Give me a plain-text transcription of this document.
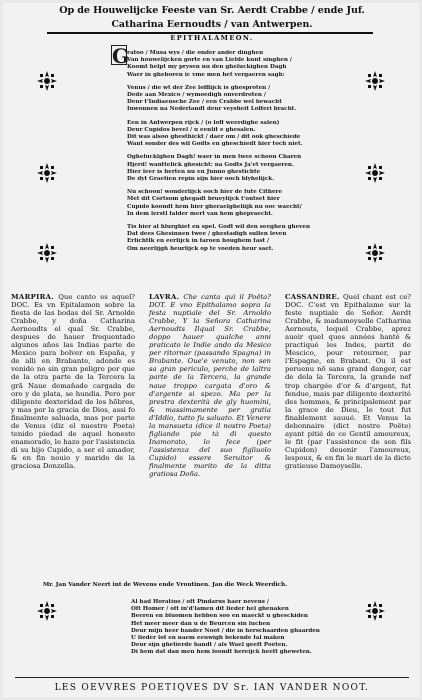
Op de Houwelijcke Feeste van Sr. Aerdt Crabbe / ende Juf.
Catharina Eernoudts / van Antwerpen.
EPITHALAMEON.
G
ratoo / Musa wys / die onder ander dinghen
Van houwelijcken gorte en van Liefde kunt singhen /
Koomt helpt my prysen nu den gheluckighen Dagh
Waer in gheboren ic vme men het vergaeren sagh:
Venus / die wt der Zee lofflijck is ghesproten /
Dede aan Mexico / wymoedigh onverdroten /
Deur t'Indiaensche Zee / een Crabbe wel bewacht
Inwonnen na Nederlandt deur veysheit Lofferi bracht.
Een in Antwerpen rijck / (o loff weerdighe salen)
Deur Cupidos bevel / u eenlit e ghesalen.
Dit was alsoo ghesthickt / daer om / dit ook gheschiede
Want sonder des wil Godts en gheschiedt hier toch niet.
Oghelucklghen Dagh! waer in men twee schoon Charen
Hjerd! wanttelick ghesicht: na Godts Ja'et vergaeren.
Hier leer is herten nu en Junno ghestichte
De dyt Graetien repin sijn hier ooch blyhelijck.
Nu schoon! wonderlijck ooch hier de fute Cithere
Met dit Cortsom ghegadt brueylijck t'ontset hier
Cupido koondt hem hier gheraelgheliijk nu ooc waecht/
In dem lerstl falder mert van hem ghepraecht.
Tis hier al hlurghiet en spel. Godt wil den seeghen gheven
Dat dees Ghesinnen twee / ghestadigh sullen leven
Erlichtlk en eerlijck in faroen houghem fast /
Om neerlijgh heurlijck op te voeden heur saet.
MARPIRA. Que canto es aquel? DOC. Es vn Epitalamon sobre la fiesta de las bodas del Sr. Arnolde Crabbe, y doña Catharina Aernoudts el qual Sr. Crabbe, despues de hauer frequentado algunos años las Indias parte de Mexico para bolver en Espaňa, y de alli en Brabante, adonde es venido no sin gran peligro por que de la otra parte de la Tercera la grã Naue demaňade cargada de oro y de plata, se hundia. Pero por diligente dexteridad de los hõbres, y mas por la gracia de Dios, assi fo finalmente saluada, mas por parte de Venus (diz el nuestro Poeta) tenido piedad de aquel honesto enamorado, le hazo por l'asistencia di su hijo Cupido, a ser el amador, & en fin nouio y marido de la graciosa Donzella.
LAVRA. Che canta qui il Poëta? DOT. E vno Epithalamo sopra la festa nuptiale del Sr. Arnoldo Crabbe, Y la Señora Catharina Aernoudts Ilqual Sr. Crabbe, doppo hauer qualche anni praticato le Indie ando da Mesico per ritornar (passando Spagna) in Brabante. Oue'e venuto, non sen sa gran periculo, perche de laltra parte de la Tercera, la grande naue troppo cargata d'oro & d'argente si spezo. Ma per la prestra dexterità de gly huomini, & massimamente per gratia d'Iddio, tutto fu saluato. Et Venere la mansueta (dice il nostro Poeta) figliando pie tà di questo Inamorato, lo fece (per l'assistenza del suo figliuolo Cupido) essere Seruitor & finalmente marito de la ditta gratiosa Doña.
CASSANDRE. Quel chant est ce? DOC. C'est vn Epithalame sur la feste nuptiale de Seňor. Aerdt Crabbe, & madamoyselle Catharina Aernouts, lequel Crabbe, aprez auoir quel ques années hanté & practiqué les Indes, partit de Mescico, pour retourner, par l'Espagne, en Brabant. Ou il est peruenu nõ sans grand danger, car de dela la Tercera, la grande nef trop chargée d'or & d'argent, fut fendue, mais par diligente dexterité des hommes, & principalement par la grace de Dieu, le tout fut finablement sauué. Et Venus la debonnaire (dict nostre Poëte) ayant pitié de ce Gentil amoureux, le fit (par l'assistence de son fils Cupidon) deuenir l'amoureux, lespoux, & en fin le mari de la dicte gratieuse Damoyselle.
Mr. Jan Vander Neert int de Wevens ende Vroutinen. Jan die Weck Weerdich.
Al had Horatius / oft Pindarus haer nevens /
Oft Homer / oft in'd'lamen dit lieder hel ghenaken
Beeren en bluomen hebben soo en maeckt u ghesckiden
Het meer meer dan u de Beurcen sin luchen
Deur mijn heer bander Noot / die in herschaarden ghaarden
U lieder lof en naem eeuwigh bekende fal maken
Deur sijn ghetierde handt / als Wael geeft Poëten.
Di hem dat dan men hem loondt hereijck heeft gheweten.
LES OEVVRES POETIQVES DV Sr. IAN VANDER NOOT.
